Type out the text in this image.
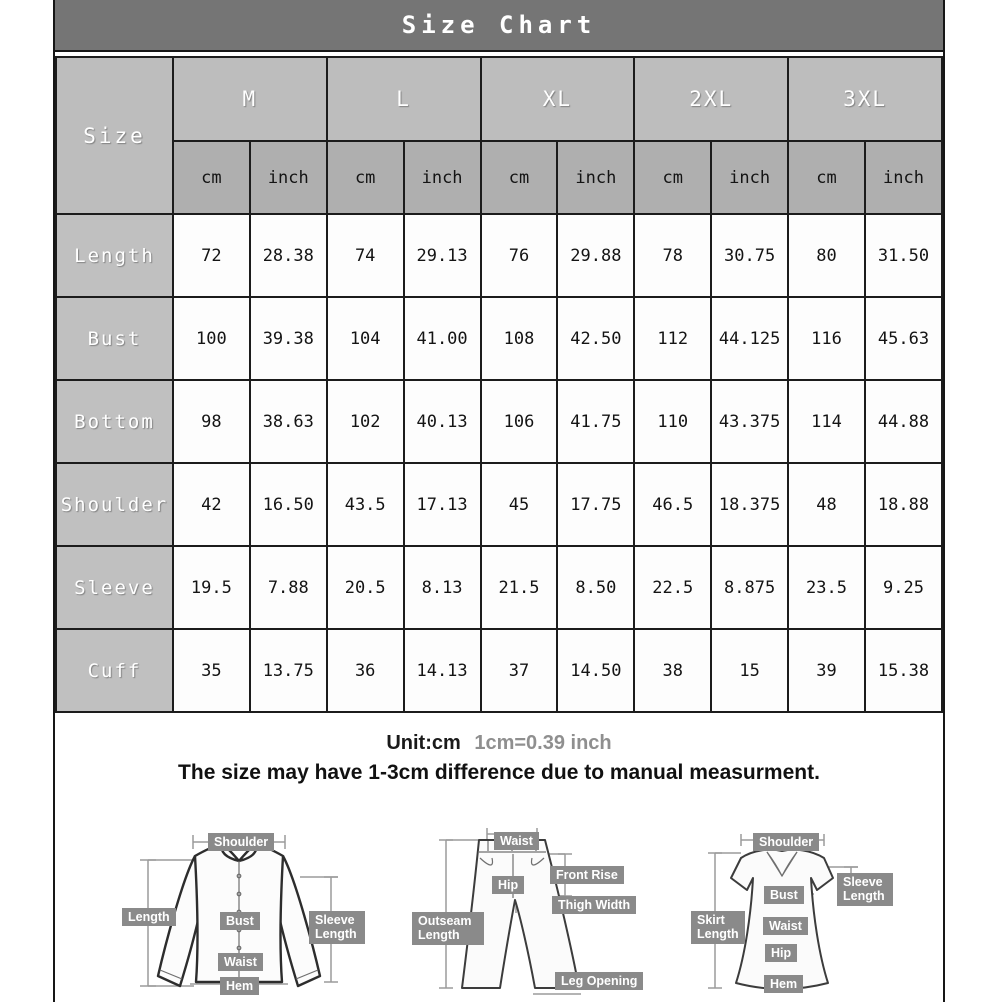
Size Chart
Size	M		L		XL		2XL		3XL	
	cm	inch	cm	inch	cm	inch	cm	inch	cm	inch
Length	72	28.38	74	29.13	76	29.88	78	30.75	80	31.50
Bust	100	39.38	104	41.00	108	42.50	112	44.125	116	45.63
Bottom	98	38.63	102	40.13	106	41.75	110	43.375	114	44.88
Shoulder	42	16.50	43.5	17.13	45	17.75	46.5	18.375	48	18.88
Sleeve	19.5	7.88	20.5	8.13	21.5	8.50	22.5	8.875	23.5	9.25
Cuff	35	13.75	36	14.13	37	14.50	38	15	39	15.38
Unit:cm 1cm=0.39 inch
The size may have 1-3cm difference due to manual measurment.
Shoulder
Length	Bust
Waist
Hem
Sleeve Length
Waist
Hip
Front Rise
Thigh Width
Outseam Length
Leg Opening
Shoulder
Sleeve Length
Bust
Waist
Hip
Hem
Skirt Length
